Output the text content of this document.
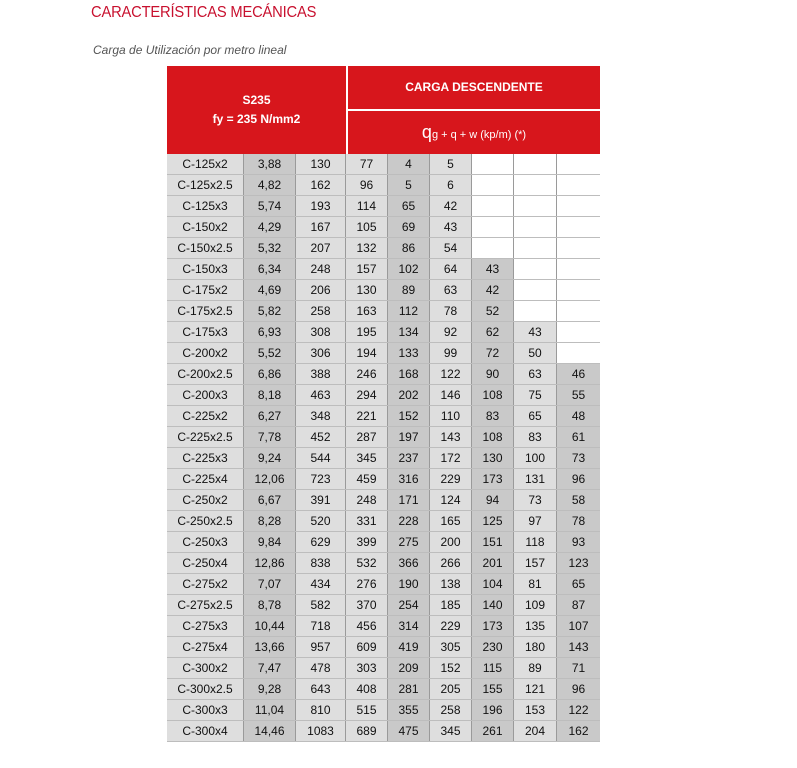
CARACTERÍSTICAS MECÁNICAS
Carga de Utilización por metro lineal
S235
fy = 235 N/mm2
CARGA DESCENDENTE
qg + q + w (kp/m) (*)
C-125x2	3,88	130	77	4	5
C-125x2.5	4,82	162	96	5	6
C-125x3	5,74	193	114	65	42
C-150x2	4,29	167	105	69	43
C-150x2.5	5,32	207	132	86	54
C-150x3	6,34	248	157	102	64	43
C-175x2	4,69	206	130	89	63	42
C-175x2.5	5,82	258	163	112	78	52
C-175x3	6,93	308	195	134	92	62	43
C-200x2	5,52	306	194	133	99	72	50
C-200x2.5	6,86	388	246	168	122	90	63	46
C-200x3	8,18	463	294	202	146	108	75	55
C-225x2	6,27	348	221	152	110	83	65	48
C-225x2.5	7,78	452	287	197	143	108	83	61
C-225x3	9,24	544	345	237	172	130	100	73
C-225x4	12,06	723	459	316	229	173	131	96
C-250x2	6,67	391	248	171	124	94	73	58
C-250x2.5	8,28	520	331	228	165	125	97	78
C-250x3	9,84	629	399	275	200	151	118	93
C-250x4	12,86	838	532	366	266	201	157	123
C-275x2	7,07	434	276	190	138	104	81	65
C-275x2.5	8,78	582	370	254	185	140	109	87
C-275x3	10,44	718	456	314	229	173	135	107
C-275x4	13,66	957	609	419	305	230	180	143
C-300x2	7,47	478	303	209	152	115	89	71
C-300x2.5	9,28	643	408	281	205	155	121	96
C-300x3	11,04	810	515	355	258	196	153	122
C-300x4	14,46	1083	689	475	345	261	204	162
